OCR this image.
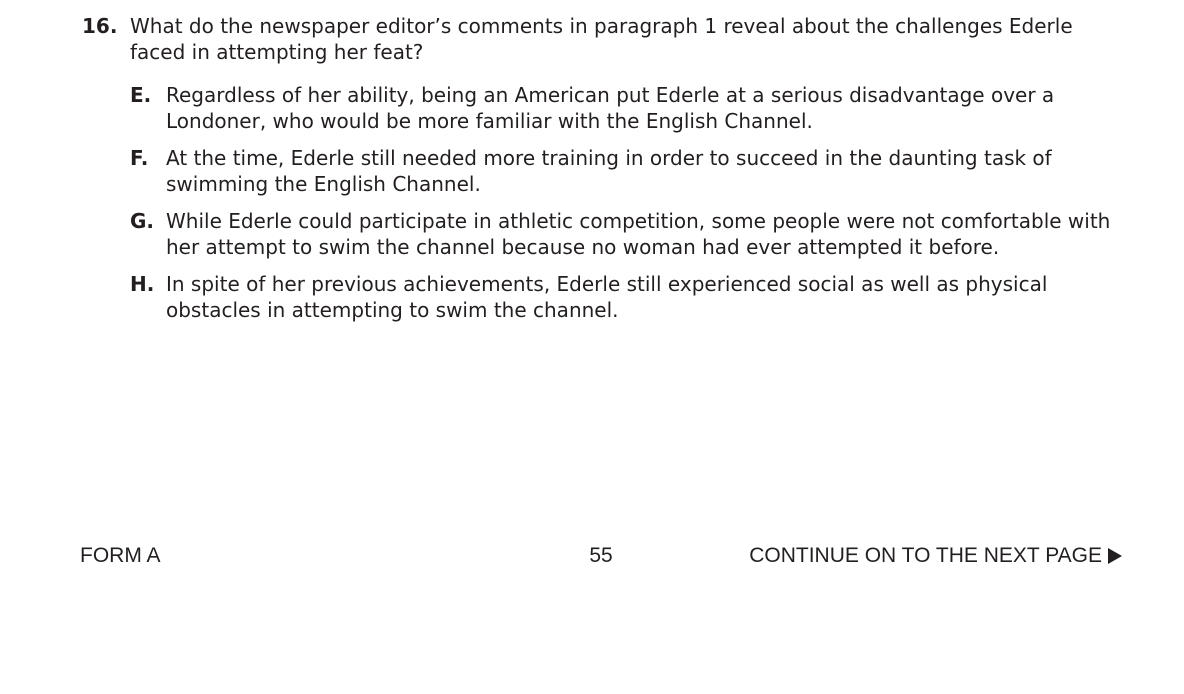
16. What do the newspaper editor’s comments in paragraph 1 reveal about the challenges Ederle faced in attempting her feat?
E. Regardless of her ability, being an American put Ederle at a serious disadvantage over a Londoner, who would be more familiar with the English Channel.
F. At the time, Ederle still needed more training in order to succeed in the daunting task of swimming the English Channel.
G. While Ederle could participate in athletic competition, some people were not comfortable with her attempt to swim the channel because no woman had ever attempted it before.
H. In spite of her previous achievements, Ederle still experienced social as well as physical obstacles in attempting to swim the channel.
FORM A	55	CONTINUE ON TO THE NEXT PAGE
